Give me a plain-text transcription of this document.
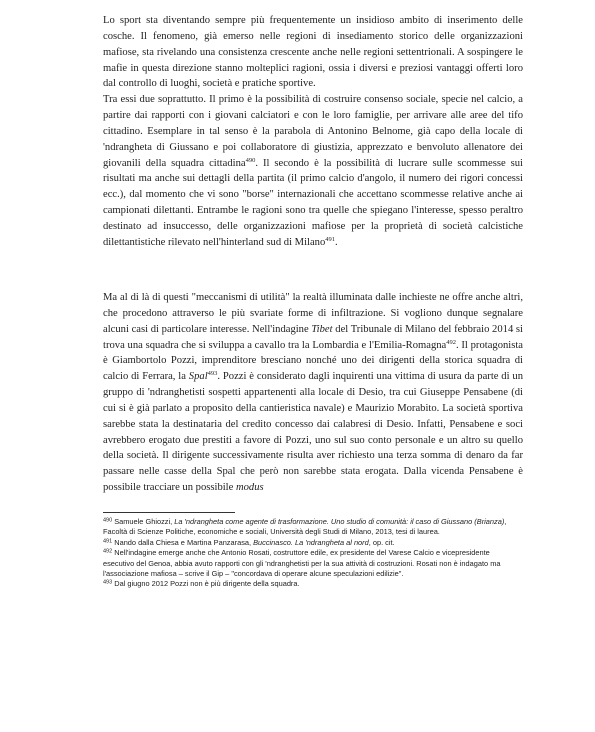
Lo sport sta diventando sempre più frequentemente un insidioso ambito di inserimento delle cosche. Il fenomeno, già emerso nelle regioni di insediamento storico delle organizzazioni mafiose, sta rivelando una consistenza crescente anche nelle regioni settentrionali. A sospingere le mafie in questa direzione stanno molteplici ragioni, ossia i diversi e preziosi vantaggi offerti loro dal controllo di luoghi, società e pratiche sportive.

Tra essi due soprattutto. Il primo è la possibilità di costruire consenso sociale, specie nel calcio, a partire dai rapporti con i giovani calciatori e con le loro famiglie, per arrivare alle aree del tifo cittadino. Esemplare in tal senso è la parabola di Antonino Belnome, già capo della locale di 'ndrangheta di Giussano e poi collaboratore di giustizia, apprezzato e benvoluto allenatore dei giovanili della squadra cittadina$^{490}$. Il secondo è la possibilità di lucrare sulle scommesse sui risultati ma anche sui dettagli della partita (il primo calcio d'angolo, il numero dei rigori concessi ecc.), dal momento che vi sono "borse" internazionali che accettano scommesse relative anche ai campionati dilettanti. Entrambe le ragioni sono tra quelle che spiegano l'interesse, spesso peraltro destinato ad insuccesso, delle organizzazioni mafiose per la proprietà di società calcistiche dilettantistiche rilevato nell'hinterland sud di Milano$^{491}$.

Ma al di là di questi "meccanismi di utilità" la realtà illuminata dalle inchieste ne offre anche altri, che procedono attraverso le più svariate forme di infiltrazione. Si vogliono dunque segnalare alcuni casi di particolare interesse. Nell'indagine Tibet del Tribunale di Milano del febbraio 2014 si trova una squadra che si sviluppa a cavallo tra la Lombardia e l'Emilia-Romagna$^{492}$. Il protagonista è Giambortolo Pozzi, imprenditore bresciano nonché uno dei dirigenti della storica squadra di calcio di Ferrara, la Spal$^{493}$. Pozzi è considerato dagli inquirenti una vittima di usura da parte di un gruppo di 'ndranghetisti sospetti appartenenti alla locale di Desio, tra cui Giuseppe Pensabene (di cui si è già parlato a proposito della cantieristica navale) e Maurizio Morabito. La società sportiva sarebbe stata la destinataria del credito concesso dai calabresi di Desio. Infatti, Pensabene e soci avrebbero erogato due prestiti a favore di Pozzi, uno sul suo conto personale e un altro su quello della società. Il dirigente successivamente risulta aver richiesto una terza somma di denaro da far passare nelle casse della Spal che però non sarebbe stata erogata. Dalla vicenda Pensabene è possibile tracciare un possibile modus

$^{490}$ Samuele Ghiozzi, La 'ndrangheta come agente di trasformazione. Uno studio di comunità: il caso di Giussano (Brianza), Facoltà di Scienze Politiche, economiche e sociali, Università degli Studi di Milano, 2013, tesi di laurea.

$^{491}$ Nando dalla Chiesa e Martina Panzarasa, Buccinasco. La 'ndrangheta al nord, op. cit.

$^{492}$ Nell'indagine emerge anche che Antonio Rosati, costruttore edile, ex presidente del Varese Calcio e vicepresidente esecutivo del Genoa, abbia avuto rapporti con gli 'ndranghetisti per la sua attività di costruzioni. Rosati non è indagato ma l'associazione mafiosa – scrive il Gip – "concordava di operare alcune speculazioni edilizie".

$^{493}$ Dal giugno 2012 Pozzi non è più dirigente della squadra.
